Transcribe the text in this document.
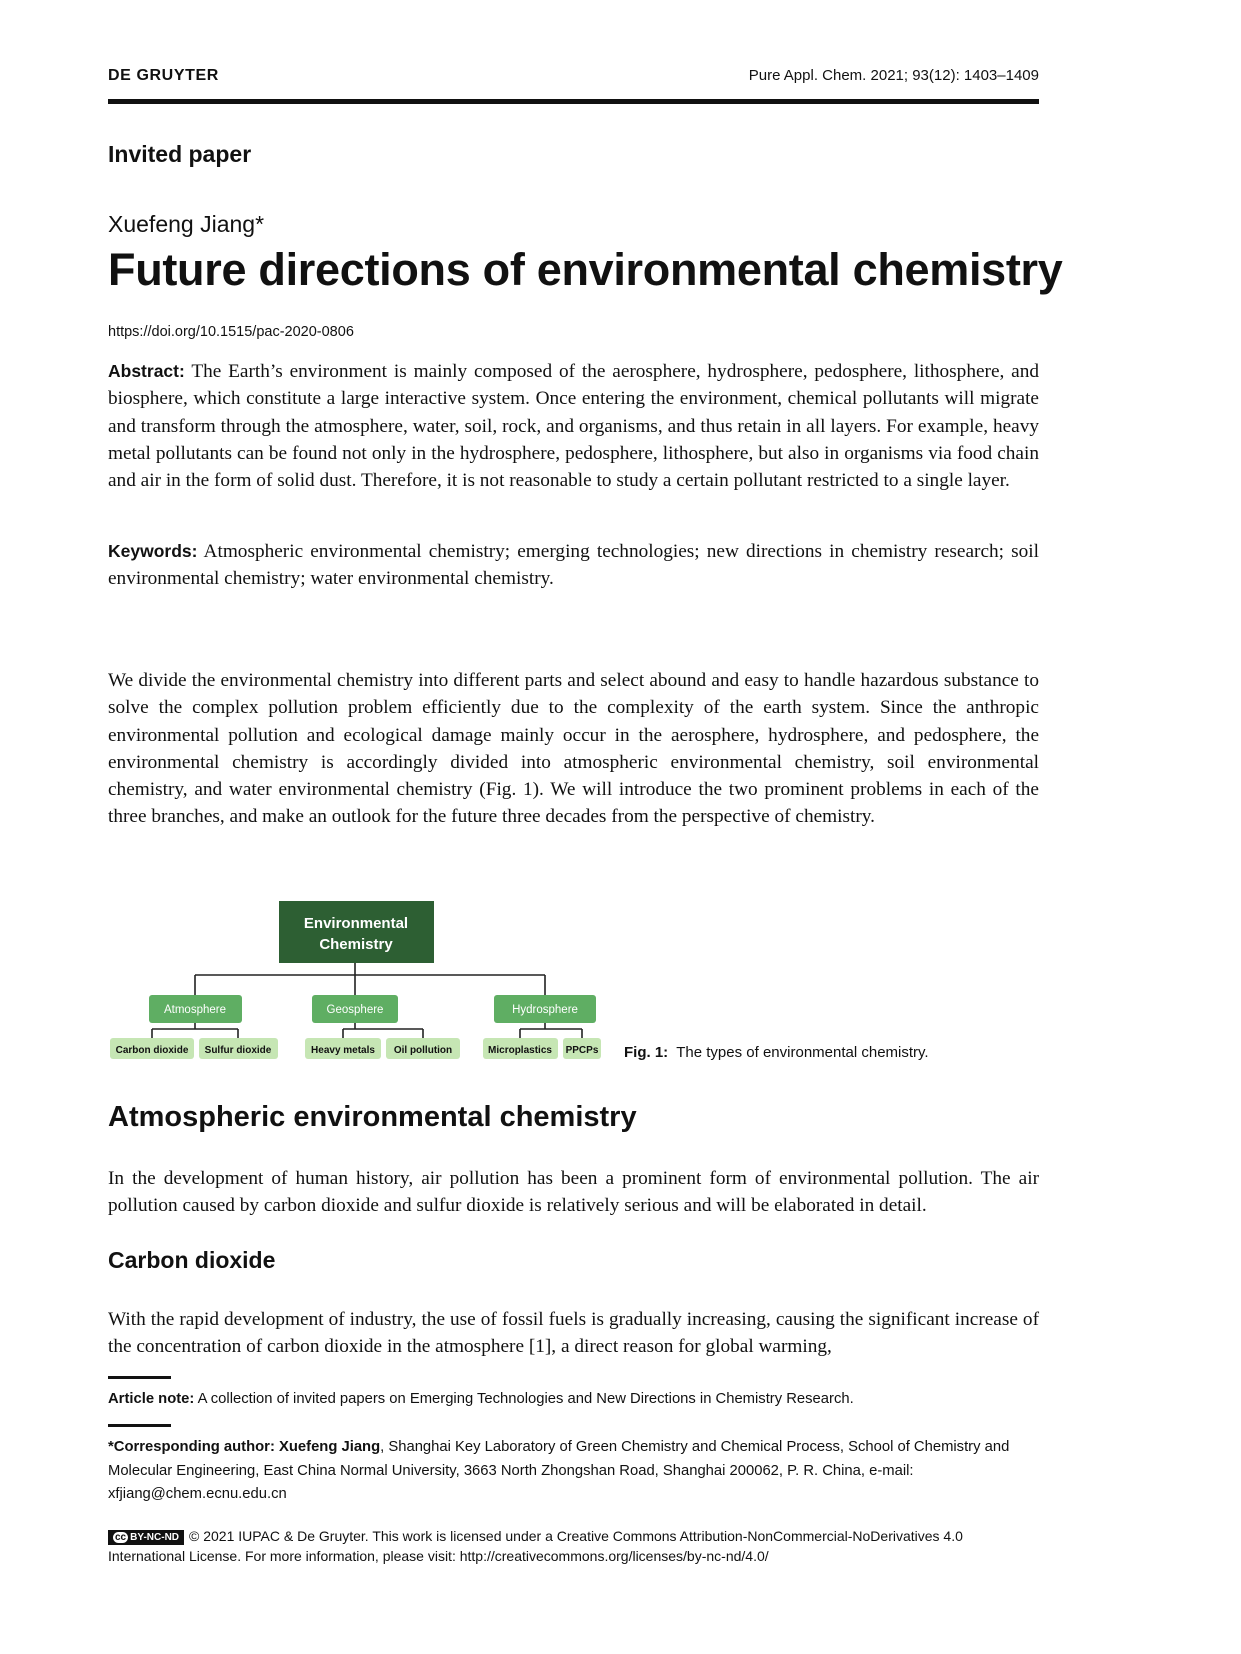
DE GRUYTER	Pure Appl. Chem. 2021; 93(12): 1403–1409
Invited paper
Xuefeng Jiang*
Future directions of environmental chemistry
https://doi.org/10.1515/pac-2020-0806

Abstract: The Earth’s environment is mainly composed of the aerosphere, hydrosphere, pedosphere, lithosphere, and biosphere, which constitute a large interactive system. Once entering the environment, chemical pollutants will migrate and transform through the atmosphere, water, soil, rock, and organisms, and thus retain in all layers. For example, heavy metal pollutants can be found not only in the hydrosphere, pedosphere, lithosphere, but also in organisms via food chain and air in the form of solid dust. Therefore, it is not reasonable to study a certain pollutant restricted to a single layer.

Keywords: Atmospheric environmental chemistry; emerging technologies; new directions in chemistry research; soil environmental chemistry; water environmental chemistry.

We divide the environmental chemistry into different parts and select abound and easy to handle hazardous substance to solve the complex pollution problem efficiently due to the complexity of the earth system. Since the anthropic environmental pollution and ecological damage mainly occur in the aerosphere, hydrosphere, and pedosphere, the environmental chemistry is accordingly divided into atmospheric environmental chemistry, soil environmental chemistry, and water environmental chemistry (Fig. 1). We will introduce the two prominent problems in each of the three branches, and make an outlook for the future three decades from the perspective of chemistry.

Environmental
Chemistry
Atmosphere	Geosphere	Hydrosphere
Carbon dioxide Sulfur dioxide	Heavy metals Oil pollution	Microplastics PPCPs Fig. 1: The types of environmental chemistry.
Atmospheric environmental chemistry

In the development of human history, air pollution has been a prominent form of environmental pollution. The air pollution caused by carbon dioxide and sulfur dioxide is relatively serious and will be elaborated in detail.

Carbon dioxide

With the rapid development of industry, the use of fossil fuels is gradually increasing, causing the significant increase of the concentration of carbon dioxide in the atmosphere [1], a direct reason for global warming,

Article note: A collection of invited papers on Emerging Technologies and New Directions in Chemistry Research.

*Corresponding author: Xuefeng Jiang, Shanghai Key Laboratory of Green Chemistry and Chemical Process, School of Chemistry and Molecular Engineering, East China Normal University, 3663 North Zhongshan Road, Shanghai 200062, P. R. China, e-mail: xfjiang@chem.ecnu.edu.cn

cc BY-NC-ND © 2021 IUPAC & De Gruyter. This work is licensed under a Creative Commons Attribution-NonCommercial-NoDerivatives 4.0 International License. For more information, please visit: http://creativecommons.org/licenses/by-nc-nd/4.0/
